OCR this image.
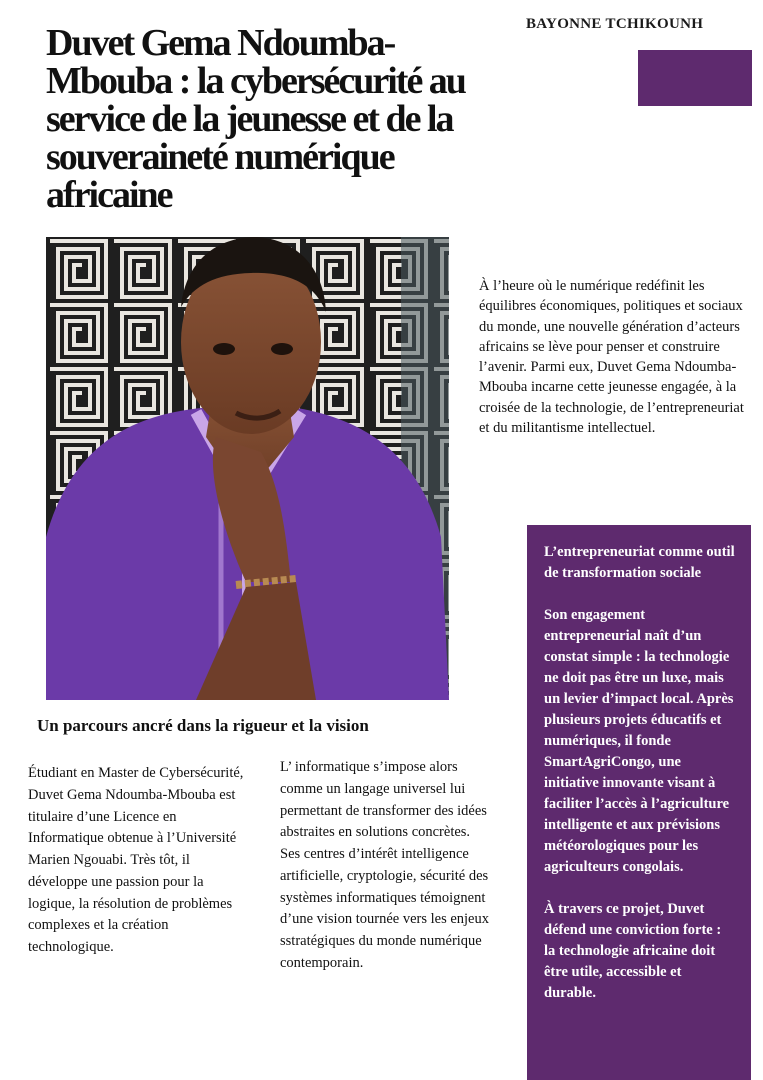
BAYONNE TCHIKOUNH
Duvet Gema Ndoumba-Mbouba : la cybersécurité au service de la jeunesse et de la souveraineté numérique africaine
À l’heure où le numérique redéfinit les équilibres économiques, politiques et sociaux du monde, une nouvelle génération d’acteurs africains se lève pour penser et construire l’avenir. Parmi eux, Duvet Gema Ndoumba-Mbouba incarne cette jeunesse engagée, à la croisée de la technologie, de l’entrepreneuriat et du militantisme intellectuel.

L’entrepreneuriat comme outil de transformation sociale

Son engagement entrepreneurial naît d’un constat simple : la technologie ne doit pas être un luxe, mais un levier d’impact local. Après plusieurs projets éducatifs et numériques, il fonde SmartAgriCongo, une initiative innovante visant à faciliter l’accès à l’agriculture intelligente et aux prévisions météorologiques pour les agriculteurs congolais.

À travers ce projet, Duvet défend une conviction forte : la technologie africaine doit être utile, accessible et durable.

Un parcours ancré dans la rigueur et la vision
Étudiant en Master de Cybersécurité, Duvet Gema Ndoumba-Mbouba est titulaire d’une Licence en Informatique obtenue à l’Université Marien Ngouabi. Très tôt, il développe une passion pour la logique, la résolution de problèmes complexes et la création technologique.

L’ informatique s’impose alors comme un langage universel lui permettant de transformer des idées abstraites en solutions concrètes.

Ses centres d’intérêt intelligence artificielle, cryptologie, sécurité des systèmes informatiques témoignent d’une vision tournée vers les enjeux sstratégiques du monde numérique contemporain.
